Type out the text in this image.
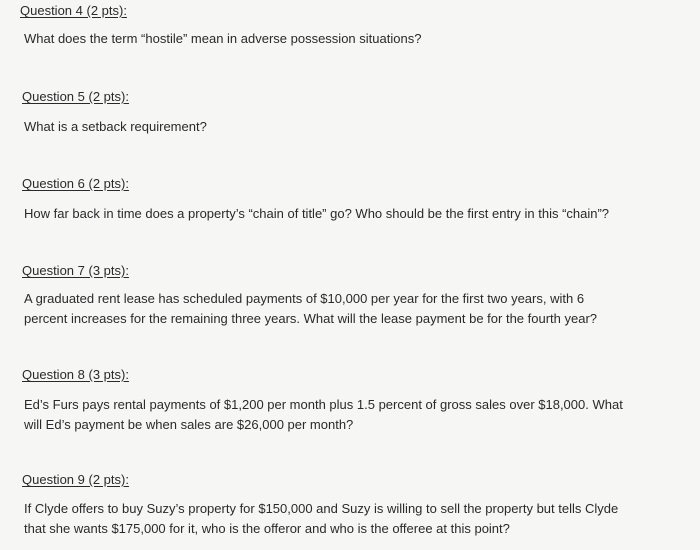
Question 4 (2 pts):
What does the term “hostile” mean in adverse possession situations?
Question 5 (2 pts):
What is a setback requirement?
Question 6 (2 pts):
How far back in time does a property’s “chain of title” go? Who should be the first entry in this “chain”?
Question 7 (3 pts):
A graduated rent lease has scheduled payments of $10,000 per year for the first two years, with 6
percent increases for the remaining three years. What will the lease payment be for the fourth year?
Question 8 (3 pts):
Ed’s Furs pays rental payments of $1,200 per month plus 1.5 percent of gross sales over $18,000. What
will Ed’s payment be when sales are $26,000 per month?
Question 9 (2 pts):
If Clyde offers to buy Suzy’s property for $150,000 and Suzy is willing to sell the property but tells Clyde
that she wants $175,000 for it, who is the offeror and who is the offeree at this point?
